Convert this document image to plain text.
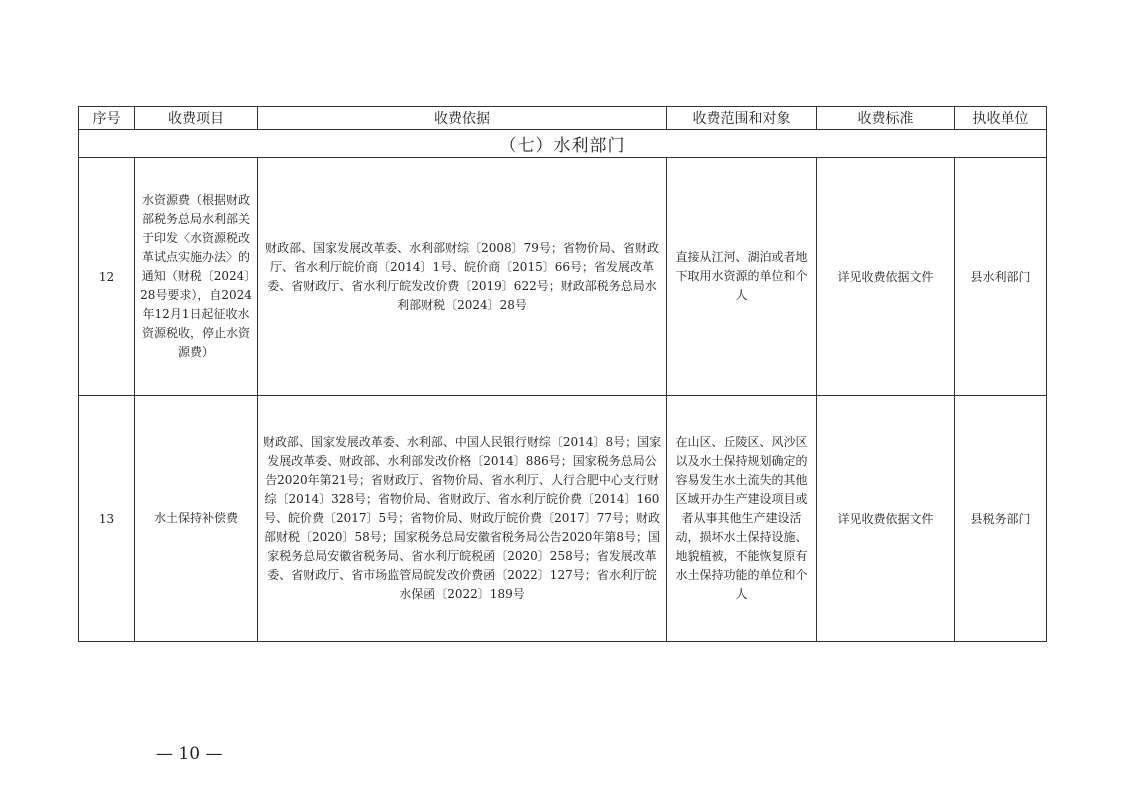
序号	收费项目	收费依据	收费范围和对象	收费标准	执收单位
（七）水利部门					
12	水资源费（根据财政部税务总局水利部关于印发〈水资源税改革试点实施办法〉的通知（财税〔2024〕28号要求），自2024年12月1日起征收水资源税收，停止水资源费）	财政部、国家发展改革委、水利部财综〔2008〕79号；省物价局、省财政厅、省水利厅皖价商〔2014〕1号、皖价商〔2015〕66号；省发展改革委、省财政厅、省水利厅皖发改价费〔2019〕622号；财政部税务总局水利部财税〔2024〕28号	直接从江河、湖泊或者地下取用水资源的单位和个人	详见收费依据文件	县水利部门
13	水土保持补偿费	财政部、国家发展改革委、水利部、中国人民银行财综〔2014〕8号；国家发展改革委、财政部、水利部发改价格〔2014〕886号；国家税务总局公告2020年第21号；省财政厅、省物价局、省水利厅、人行合肥中心支行财综〔2014〕328号；省物价局、省财政厅、省水利厅皖价费〔2014〕160号、皖价费〔2017〕5号；省物价局、财政厅皖价费〔2017〕77号；财政部财税〔2020〕58号；国家税务总局安徽省税务局公告2020年第8号；国家税务总局安徽省税务局、省水利厅皖税函〔2020〕258号；省发展改革委、省财政厅、省市场监管局皖发改价费函〔2022〕127号；省水利厅皖水保函〔2022〕189号	在山区、丘陵区、风沙区以及水土保持规划确定的容易发生水土流失的其他区域开办生产建设项目或者从事其他生产建设活动，损坏水土保持设施、地貌植被，不能恢复原有水土保持功能的单位和个人	详见收费依据文件	县税务部门
— 10 —
